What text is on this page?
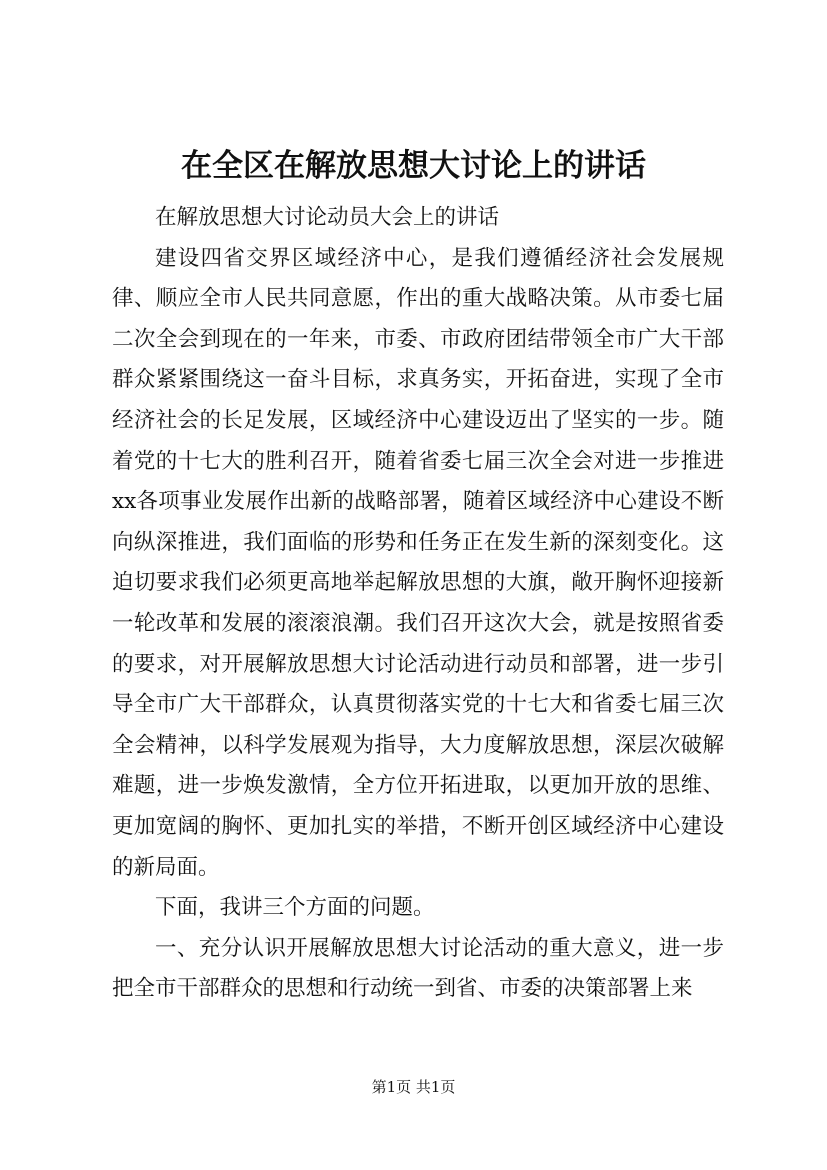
在全区在解放思想大讨论上的讲话

在解放思想大讨论动员大会上的讲话

建设四省交界区域经济中心，是我们遵循经济社会发展规律、顺应全市人民共同意愿，作出的重大战略决策。从市委七届二次全会到现在的一年来，市委、市政府团结带领全市广大干部群众紧紧围绕这一奋斗目标，求真务实，开拓奋进，实现了全市经济社会的长足发展，区域经济中心建设迈出了坚实的一步。随着党的十七大的胜利召开，随着省委七届三次全会对进一步推进xx各项事业发展作出新的战略部署，随着区域经济中心建设不断向纵深推进，我们面临的形势和任务正在发生新的深刻变化。这迫切要求我们必须更高地举起解放思想的大旗，敞开胸怀迎接新一轮改革和发展的滚滚浪潮。我们召开这次大会，就是按照省委的要求，对开展解放思想大讨论活动进行动员和部署，进一步引导全市广大干部群众，认真贯彻落实党的十七大和省委七届三次全会精神，以科学发展观为指导，大力度解放思想，深层次破解难题，进一步焕发激情，全方位开拓进取，以更加开放的思维、更加宽阔的胸怀、更加扎实的举措，不断开创区域经济中心建设的新局面。

下面，我讲三个方面的问题。

一、充分认识开展解放思想大讨论活动的重大意义，进一步把全市干部群众的思想和行动统一到省、市委的决策部署上来

第1页 共1页
